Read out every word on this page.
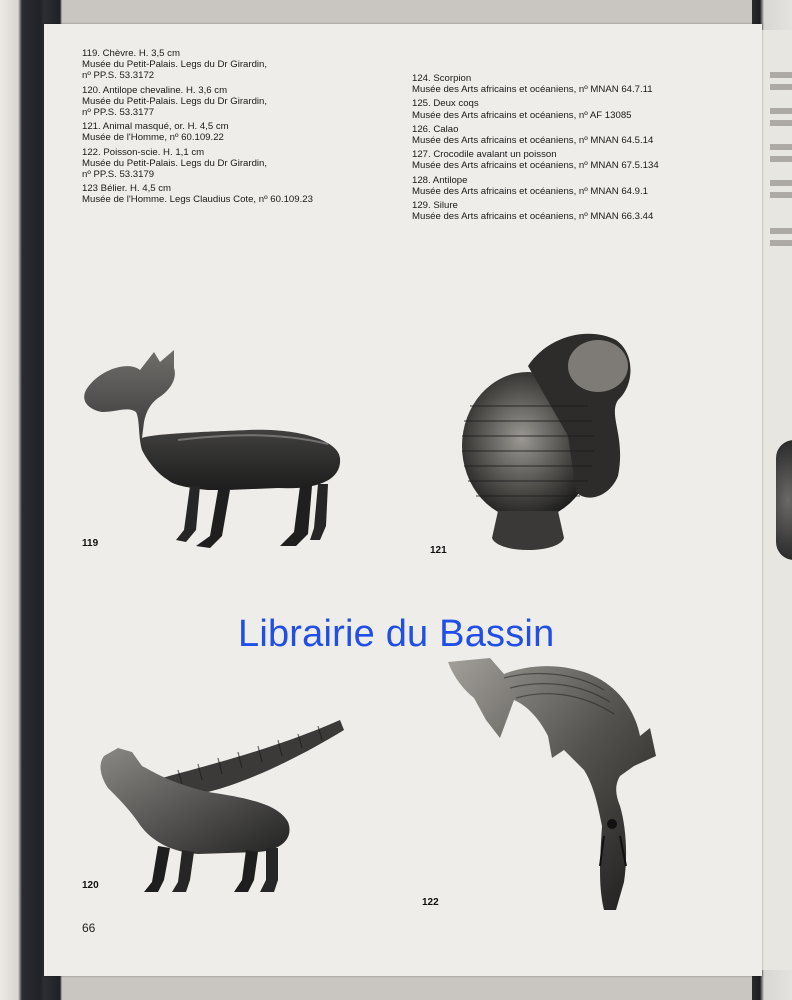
119. Chèvre. H. 3,5 cm
Musée du Petit-Palais. Legs du Dr Girardin,
nº PP.S. 53.3172
120. Antilope chevaline. H. 3,6 cm
Musée du Petit-Palais. Legs du Dr Girardin,
nº PP.S. 53.3177
121. Animal masqué, or. H. 4,5 cm
Musée de l'Homme, nº 60.109.22
122. Poisson-scie. H. 1,1 cm
Musée du Petit-Palais. Legs du Dr Girardin,
nº PP.S. 53.3179
123 Bélier. H. 4,5 cm
Musée de l'Homme. Legs Claudius Cote, nº 60.109.23
124. Scorpion
Musée des Arts africains et océaniens, nº MNAN 64.7.11
125. Deux coqs
Musée des Arts africains et océaniens, nº AF 13085
126. Calao
Musée des Arts africains et océaniens, nº MNAN 64.5.14
127. Crocodile avalant un poisson
Musée des Arts africains et océaniens, nº MNAN 67.5.134
128. Antilope
Musée des Arts africains et océaniens, nº MNAN 64.9.1
129. Silure
Musée des Arts africains et océaniens, nº MNAN 66.3.44
119
121
120
122
66
Librairie du Bassin
